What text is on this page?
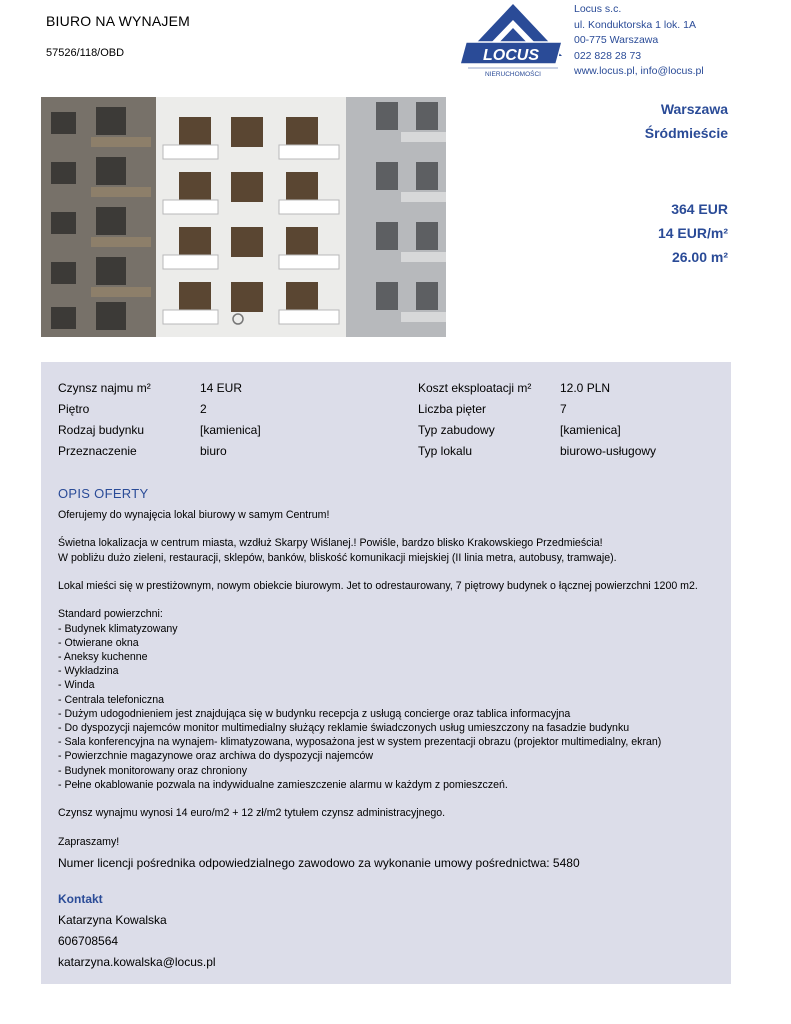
BIURO NA WYNAJEM
57526/118/OBD	LOCUS
NIERUCHOMOŚCI
Locus s.c.
ul. Konduktorska 1 lok. 1A
00-775 Warszawa
022 828 28 73
www.locus.pl, info@locus.pl
Warszawa
Śródmieście
364 EUR
14 EUR/m²
26.00 m²
Czynsz najmu m²	14 EUR
Piętro	2
Rodzaj budynku	[kamienica]
Przeznaczenie	biuro
Koszt eksploatacji m² 12.0 PLN
Liczba pięter	7
Typ zabudowy	[kamienica]
Typ lokalu	biurowo-usługowy
OPIS OFERTY
Oferujemy do wynajęcia lokal biurowy w samym Centrum!

Świetna lokalizacja w centrum miasta, wzdłuż Skarpy Wiślanej.! Powiśle, bardzo blisko Krakowskiego Przedmieścia!
W pobliżu dużo zieleni, restauracji, sklepów, banków, bliskość komunikacji miejskiej (II linia metra, autobusy, tramwaje).

Lokal mieści się w prestiżownym, nowym obiekcie biurowym. Jet to odrestaurowany, 7 piętrowy budynek o łącznej powierzchni 1200 m2.

Standard powierzchni:
- Budynek klimatyzowany
- Otwierane okna
- Aneksy kuchenne
- Wykładzina
- Winda
- Centrala telefoniczna
- Dużym udogodnieniem jest znajdująca się w budynku recepcja z usługą concierge oraz tablica informacyjna
- Do dyspozycji najemców monitor multimedialny służący reklamie świadczonych usług umieszczony na fasadzie budynku
- Sala konferencyjna na wynajem- klimatyzowana, wyposażona jest w system prezentacji obrazu (projektor multimedialny, ekran)
- Powierzchnie magazynowe oraz archiwa do dyspozycji najemców
- Budynek monitorowany oraz chroniony
- Pełne okablowanie pozwala na indywidualne zamieszczenie alarmu w każdym z pomieszczeń.

Czynsz wynajmu wynosi 14 euro/m2 + 12 zł/m2 tytułem czynsz administracyjnego.

Zapraszamy!
Numer licencji pośrednika odpowiedzialnego zawodowo za wykonanie umowy pośrednictwa: 5480
Kontakt
Katarzyna Kowalska
606708564
katarzyna.kowalska@locus.pl
